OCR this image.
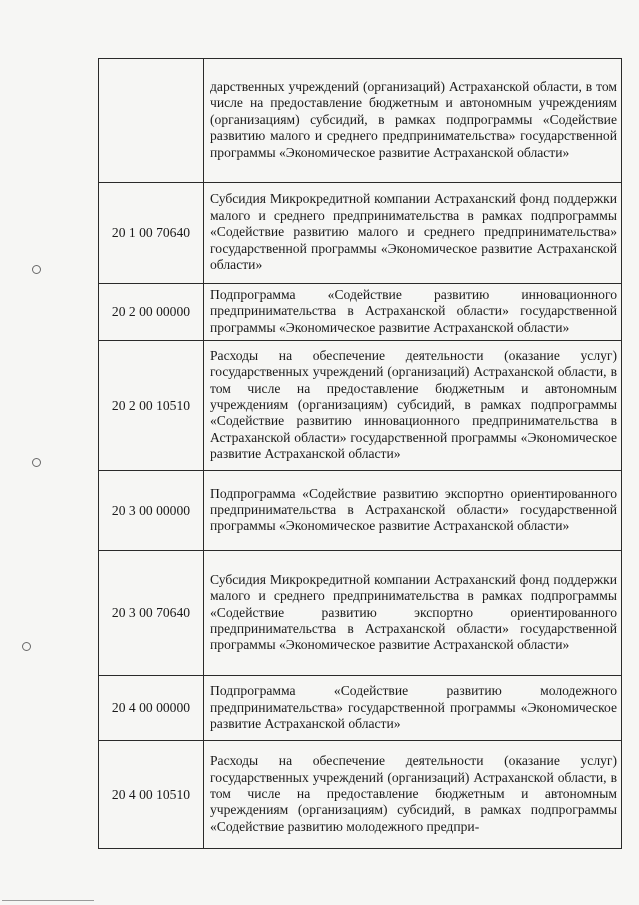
	дарственных учреждений (организаций) Астраханской области, в том числе на предоставление бюджетным и автономным учреждениям (организациям) субсидий, в рамках подпрограммы «Содействие развитию малого и среднего предпринимательства» государственной программы «Экономическое развитие Астраханской области»
20 1 00 70640	Субсидия Микрокредитной компании Астраханский фонд поддержки малого и среднего предпринимательства в рамках подпрограммы «Содействие развитию малого и среднего предпринимательства» государственной программы «Экономическое развитие Астраханской области»
20 2 00 00000	Подпрограмма «Содействие развитию инновационного предпринимательства в Астраханской области» государственной программы «Экономическое развитие Астраханской области»
20 2 00 10510	Расходы на обеспечение деятельности (оказание услуг) государственных учреждений (организаций) Астраханской области, в том числе на предоставление бюджетным и автономным учреждениям (организациям) субсидий, в рамках подпрограммы «Содействие развитию инновационного предпринимательства в Астраханской области» государственной программы «Экономическое развитие Астраханской области»
20 3 00 00000	Подпрограмма «Содействие развитию экспортно ориентированного предпринимательства в Астраханской области» государственной программы «Экономическое развитие Астраханской области»
20 3 00 70640	Субсидия Микрокредитной компании Астраханский фонд поддержки малого и среднего предпринимательства в рамках подпрограммы «Содействие развитию экспортно ориентированного предпринимательства в Астраханской области» государственной программы «Экономическое развитие Астраханской области»
20 4 00 00000	Подпрограмма «Содействие развитию молодежного предпринимательства» государственной программы «Экономическое развитие Астраханской области»
20 4 00 10510	Расходы на обеспечение деятельности (оказание услуг) государственных учреждений (организаций) Астраханской области, в том числе на предоставление бюджетным и автономным учреждениям (организациям) субсидий, в рамках подпрограммы «Содействие развитию молодежного предпри-
